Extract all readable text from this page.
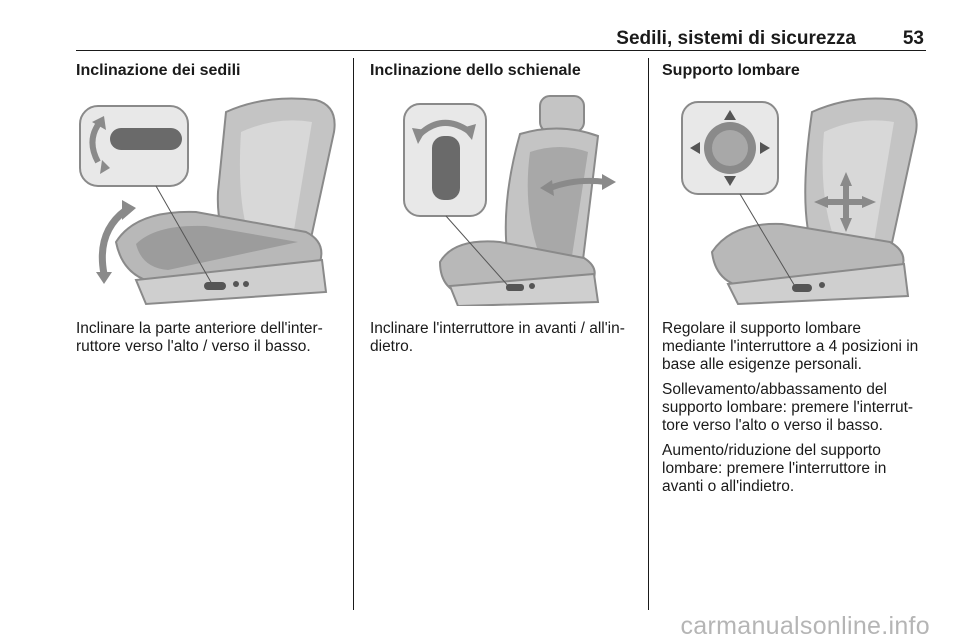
Sedili, sistemi di sicurezza 53
Inclinazione dei sedili

Inclinare la parte anteriore dell'inter-
ruttore verso l'alto / verso il basso.

Inclinazione dello schienale

Inclinare l'interruttore in avanti / all'in-
dietro.

Supporto lombare

Regolare il supporto lombare
mediante l'interruttore a 4 posizioni in
base alle esigenze personali.

Sollevamento/abbassamento del
supporto lombare: premere l'interrut-
tore verso l'alto o verso il basso.

Aumento/riduzione del supporto
lombare: premere l'interruttore in
avanti o all'indietro.

carmanualsonline.info
